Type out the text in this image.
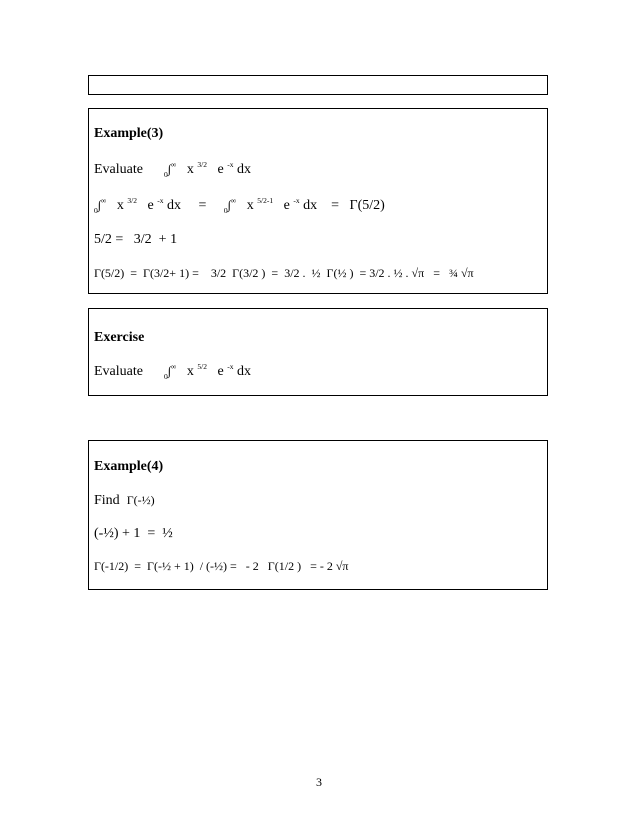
Example(3)
Evaluate	$_0$∫∞ x $^{3/2}$ e $^{-x}$ dx
$_0$∫∞ x $^{3/2}$ e $^{-x}$ dx = $_0$∫∞ x $^{5/2-1}$ e $^{-x}$ dx = Γ(5/2)
5/2 =   3/2  + 1
Γ(5/2)  =  Γ(3/2+ 1) =    3/2  Γ(3/2 )  =  3/2 .  ½  Γ(½ )  = 3/2 . ½ . √π   =   ¾ √π
Exercise
Evaluate	$_0$∫∞ x $^{5/2}$ e $^{-x}$ dx
Example(4)
Find Γ(-½)
(-½) + 1  =  ½
Γ(-1/2)  =  Γ(-½ + 1)  / (-½) =   - 2   Γ(1/2 )   = - 2 √π
3
